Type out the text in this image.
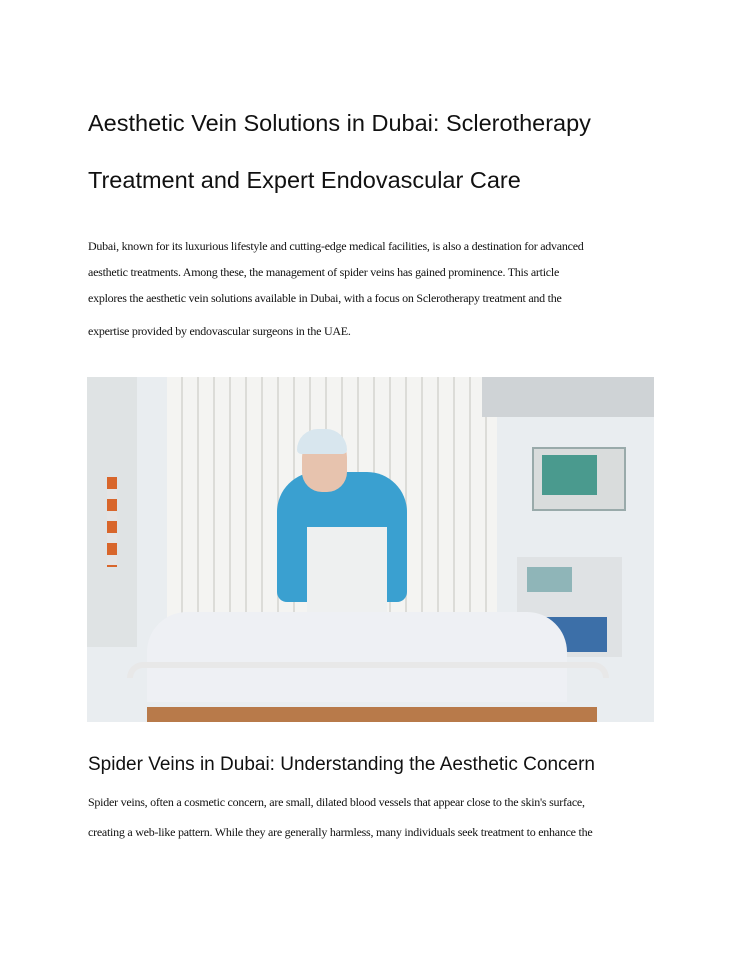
Aesthetic Vein Solutions in Dubai: Sclerotherapy
Treatment and Expert Endovascular Care
Dubai, known for its luxurious lifestyle and cutting-edge medical facilities, is also a destination for advanced
aesthetic treatments. Among these, the management of spider veins has gained prominence. This article
explores the aesthetic vein solutions available in Dubai, with a focus on Sclerotherapy treatment and the
expertise provided by endovascular surgeons in the UAE.
Spider Veins in Dubai: Understanding the Aesthetic Concern
Spider veins, often a cosmetic concern, are small, dilated blood vessels that appear close to the skin's surface,
creating a web-like pattern. While they are generally harmless, many individuals seek treatment to enhance the
